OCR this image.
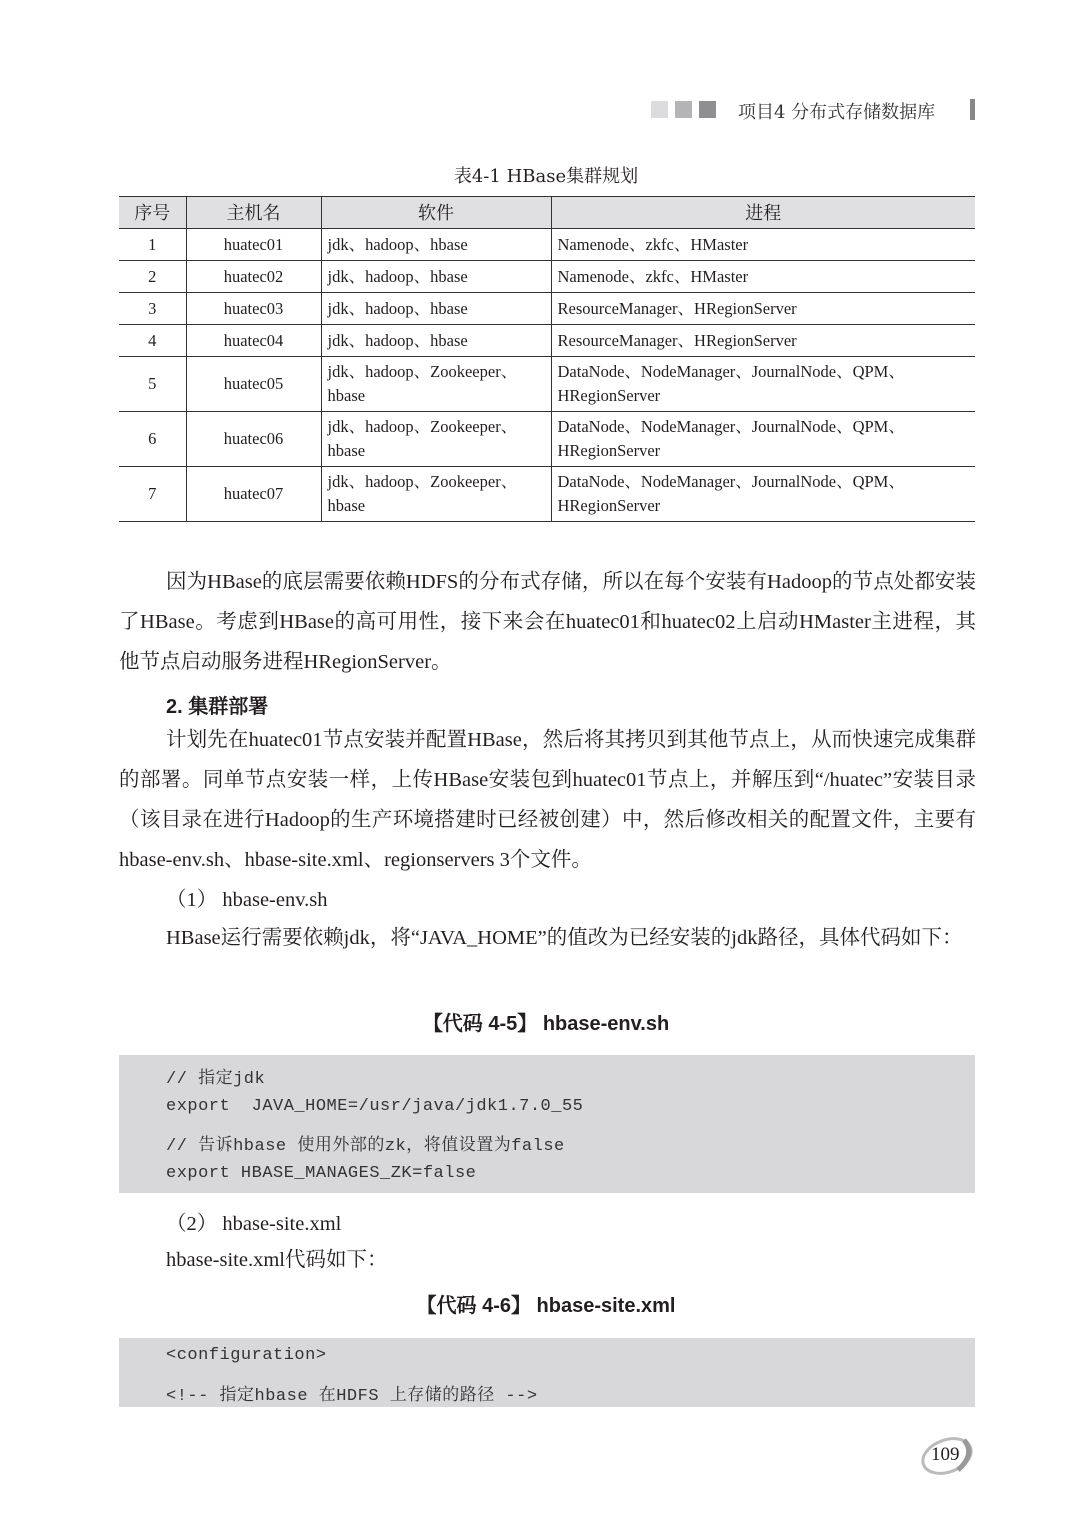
项目4 分布式存储数据库
表4-1 HBase集群规划
序号	主机名	软件	进程
1	huatec01	jdk、hadoop、hbase	Namenode、zkfc、HMaster
2	huatec02	jdk、hadoop、hbase	Namenode、zkfc、HMaster
3	huatec03	jdk、hadoop、hbase	ResourceManager、HRegionServer
4	huatec04	jdk、hadoop、hbase	ResourceManager、HRegionServer
5	huatec05	jdk、hadoop、Zookeeper、hbase	DataNode、NodeManager、JournalNode、QPM、HRegionServer
6	huatec06	jdk、hadoop、Zookeeper、hbase	DataNode、NodeManager、JournalNode、QPM、HRegionServer
7	huatec07	jdk、hadoop、Zookeeper、hbase	DataNode、NodeManager、JournalNode、QPM、HRegionServer
因为HBase的底层需要依赖HDFS的分布式存储，所以在每个安装有Hadoop的节点处都安装了HBase。考虑到HBase的高可用性，接下来会在huatec01和huatec02上启动HMaster主进程，其他节点启动服务进程HRegionServer。
2. 集群部署
计划先在huatec01节点安装并配置HBase，然后将其拷贝到其他节点上，从而快速完成集群的部署。同单节点安装一样，上传HBase安装包到huatec01节点上，并解压到“/huatec”安装目录（该目录在进行Hadoop的生产环境搭建时已经被创建）中，然后修改相关的配置文件，主要有hbase-env.sh、hbase-site.xml、regionservers 3个文件。
（1） hbase-env.sh
HBase运行需要依赖jdk，将“JAVA_HOME”的值改为已经安装的jdk路径，具体代码如下：
【代码 4-5】 hbase-env.sh
// 指定jdk
export  JAVA_HOME=/usr/java/jdk1.7.0_55
// 告诉hbase 使用外部的zk，将值设置为false
export HBASE_MANAGES_ZK=false
（2） hbase-site.xml
hbase-site.xml代码如下：
【代码 4-6】 hbase-site.xml
<configuration>
<!-- 指定hbase 在HDFS 上存储的路径 -->
109
